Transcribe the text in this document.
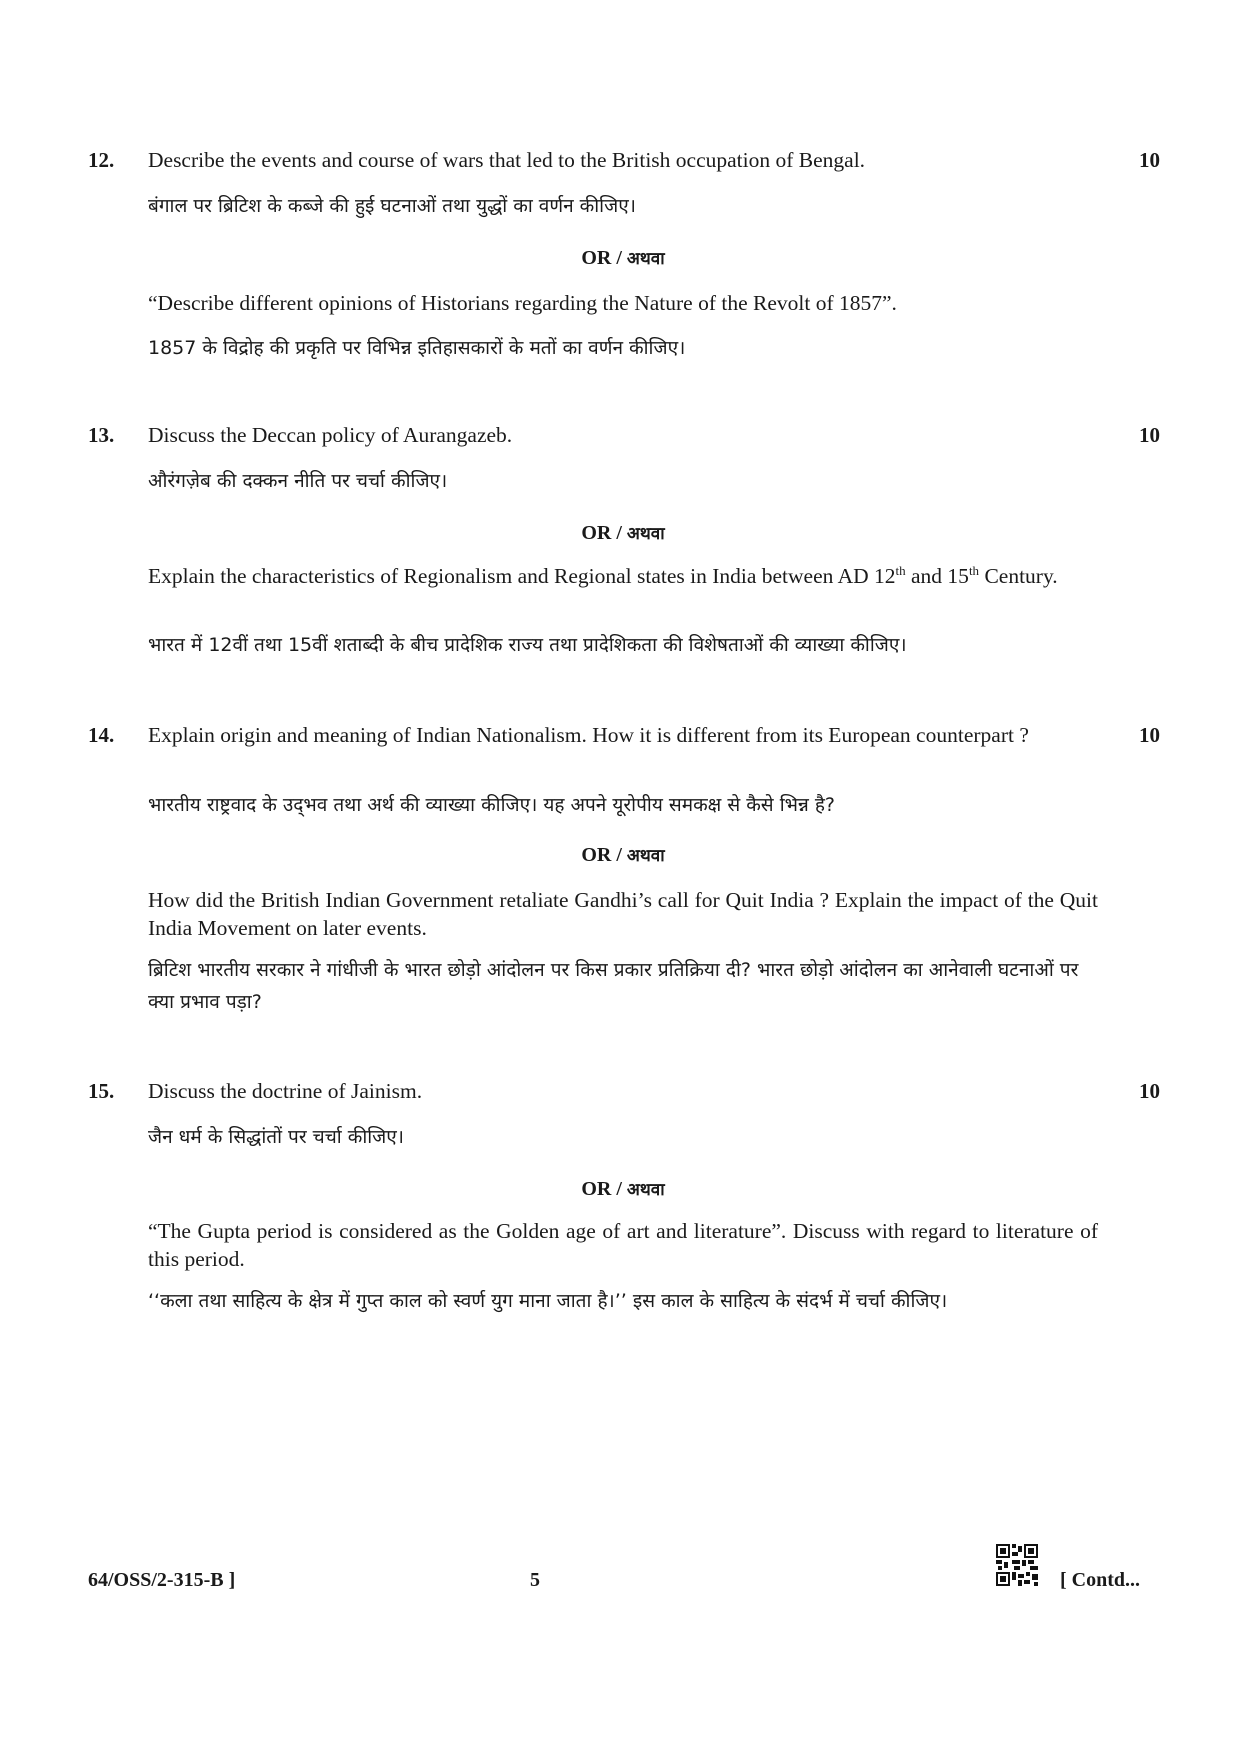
12.	10
Describe the events and course of wars that led to the British occupation of Bengal.
बंगाल पर ब्रिटिश के कब्जे की हुई घटनाओं तथा युद्धों का वर्णन कीजिए।
OR / अथवा
“Describe different opinions of Historians regarding the Nature of the Revolt of 1857”.
1857 के विद्रोह की प्रकृति पर विभिन्न इतिहासकारों के मतों का वर्णन कीजिए।
13.	10
Discuss the Deccan policy of Aurangazeb.
औरंगज़ेब की दक्कन नीति पर चर्चा कीजिए।
OR / अथवा
Explain the characteristics of Regionalism and Regional states in India between AD 12th and 15th Century.
भारत में 12वीं तथा 15वीं शताब्दी के बीच प्रादेशिक राज्य तथा प्रादेशिकता की विशेषताओं की व्याख्या कीजिए।
14.	10
Explain origin and meaning of Indian Nationalism. How it is different from its European counterpart ?
भारतीय राष्ट्रवाद के उद्‌भव तथा अर्थ की व्याख्या कीजिए। यह अपने यूरोपीय समकक्ष से कैसे भिन्न है?
OR / अथवा
How did the British Indian Government retaliate Gandhi’s call for Quit India ? Explain the impact of the Quit India Movement on later events.
ब्रिटिश भारतीय सरकार ने गांधीजी के भारत छोड़ो आंदोलन पर किस प्रकार प्रतिक्रिया दी? भारत छोड़ो आंदोलन का आनेवाली घटनाओं पर क्या प्रभाव पड़ा?
15.	10
Discuss the doctrine of Jainism.
जैन धर्म के सिद्धांतों पर चर्चा कीजिए।
OR / अथवा
“The Gupta period is considered as the Golden age of art and literature”. Discuss with regard to literature of this period.
‘‘कला तथा साहित्य के क्षेत्र में गुप्त काल को स्वर्ण युग माना जाता है।’’ इस काल के साहित्य के संदर्भ में चर्चा कीजिए।
64/OSS/2-315-B ]	5	[ Contd...
